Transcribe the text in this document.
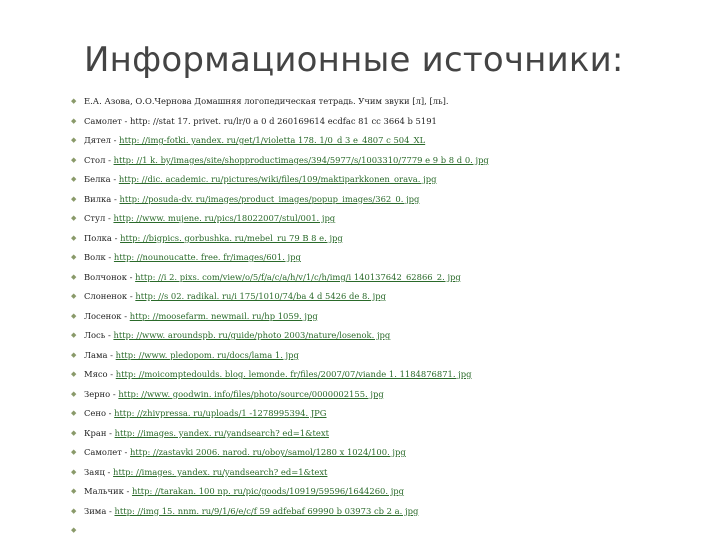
Информационные источники:
◆ Е.А. Азова, О.О.Чернова Домашняя логопедическая тетрадь. Учим звуки [л], [ль].
◆ Самолет - http: //stat 17. privet. ru/lr/0 a 0 d 260169614 ecdfac 81 cc 3664 b 5191
◆ Дятел - http: //img-fotki. yandex. ru/get/1/violetta 178. 1/0_d 3 e_4807 c 504_XL
◆ Стол - http: //1 k. by/images/site/shopproductimages/394/5977/s/1003310/7779 e 9 b 8 d 0. jpg
◆ Белка - http: //dic. academic. ru/pictures/wiki/files/109/maktiparkkonen_orava. jpg
◆ Вилка - http: //posuda-dv. ru/images/product_images/popup_images/362_0. jpg
◆ Стул - http: //www. mujene. ru/pics/18022007/stul/001. jpg
◆ Полка - http: //bigpics. gorbushka. ru/mebel_ru 79 B 8 e. jpg
◆ Волк - http: //nounoucatte. free. fr/images/601. jpg
◆ Волчонок - http: //i 2. pixs. com/view/o/5/f/a/c/a/h/v/1/c/h/img/i 140137642_62866_2. jpg
◆ Слоненок - http: //s 02. radikal. ru/i 175/1010/74/ba 4 d 5426 de 8. jpg
◆ Лосенок - http: //moosefarm. newmail. ru/hp 1059. jpg
◆ Лось - http: //www. aroundspb. ru/guide/photo 2003/nature/losenok. jpg
◆ Лама - http: //www. pledopom. ru/docs/lama 1. jpg
◆ Мясо - http: //moicomptedoulds. blog. lemonde. fr/files/2007/07/viande 1. 1184876871. jpg
◆ Зерно - http: //www. goodwin. info/files/photo/source/0000002155. jpg
◆ Сено - http: //zhivpressa. ru/uploads/1 -1278995394. JPG
◆ Кран - http: //images. yandex. ru/yandsearch? ed=1&text
◆ Самолет - http: //zastavki 2006. narod. ru/oboy/samol/1280 x 1024/100. jpg
◆ Заяц - http: //images. yandex. ru/yandsearch? ed=1&text
◆ Мальчик - http: //tarakan. 100 np. ru/pic/goods/10919/59596/1644260. jpg
◆ Зима - http: //img 15. nnm. ru/9/1/6/e/c/f 59 adfebaf 69990 b 03973 cb 2 a. jpg
◆
